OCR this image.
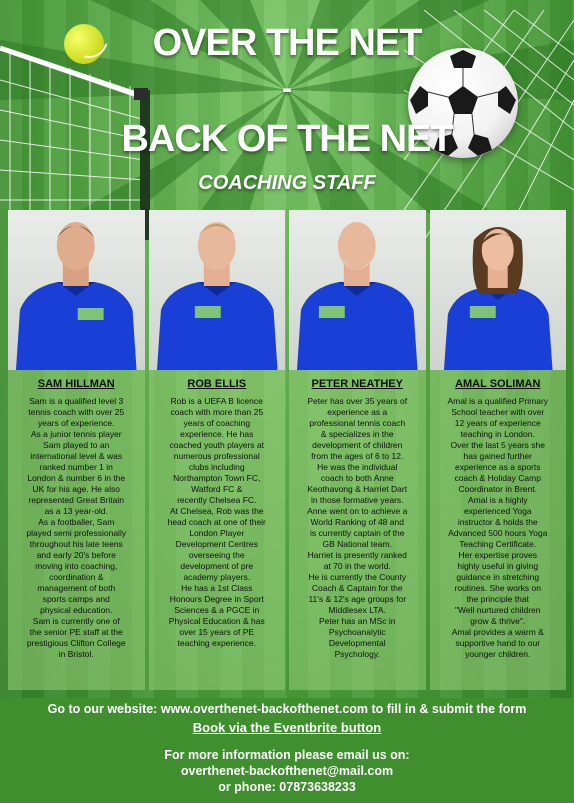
OVER THE NET
-
BACK OF THE NET
COACHING STAFF
SAM HILLMAN

Sam is a qualified level 3
tennis coach with over 25
years of experience.
As a junior tennis player
Sam played to an
international level & was
ranked number 1 in
London & number 6 in the
UK for his age. He also
represented Great Britain
as a 13 year-old.
As a footballer, Sam
played semi professionally
throughout his late teens
and early 20's before
moving into coaching,
coordination &
management of both
sports camps and
physical education.
Sam is currently one of
the senior PE staff at the
prestigious Clifton College
in Bristol.

ROB ELLIS

Rob is a UEFA B licence
coach with more than 25
years of coaching
experience. He has
coached youth players at
numerous professional
clubs including
Northampton Town FC,
Watford FC &
recently Chelsea FC.
At Chelsea, Rob was the
head coach at one of their
London Player
Development Centres
overseeing the
development of pre
academy players.
He has a 1st Class
Honours Degree in Sport
Sciences & a PGCE in
Physical Education & has
over 15 years of PE
teaching experience.

PETER NEATHEY

Peter has over 35 years of
experience as a
professional tennis coach
& specializes in the
development of children
from the ages of 6 to 12.
He was the individual
coach to both Anne
Keothavong & Harriet Dart
in those formative years.
Anne went on to achieve a
World Ranking of 48 and
is currently captain of the
GB National team.
Harriet is presently ranked
at 70 in the world.
He is currently the County
Coach & Captain for the
11's & 12's age groups for
Middlesex LTA.
Peter has an MSc in
Psychoanalytic
Developmental
Psychology.

AMAL SOLIMAN

Amal is a qualified Primary
School teacher with over
12 years of experience
teaching in London.
Over the last 5 years she
has gained further
experience as a sports
coach & Holiday Camp
Coordinator in Brent.
Amal is a highly
experienced Yoga
instructor & holds the
Advanced 500 hours Yoga
Teaching Certificate.
Her expertise proves
highly useful in giving
guidance in stretching
routines. She works on
the principle that
"Well nurtured children
grow & thrive".
Amal provides a warm &
supportive hand to our
younger children.

Go to our website: www.overthenet-backofthenet.com to fill in & submit the form
Book via the Eventbrite button
For more information please email us on:
overthenet-backofthenet@mail.com
or phone: 07873638233
